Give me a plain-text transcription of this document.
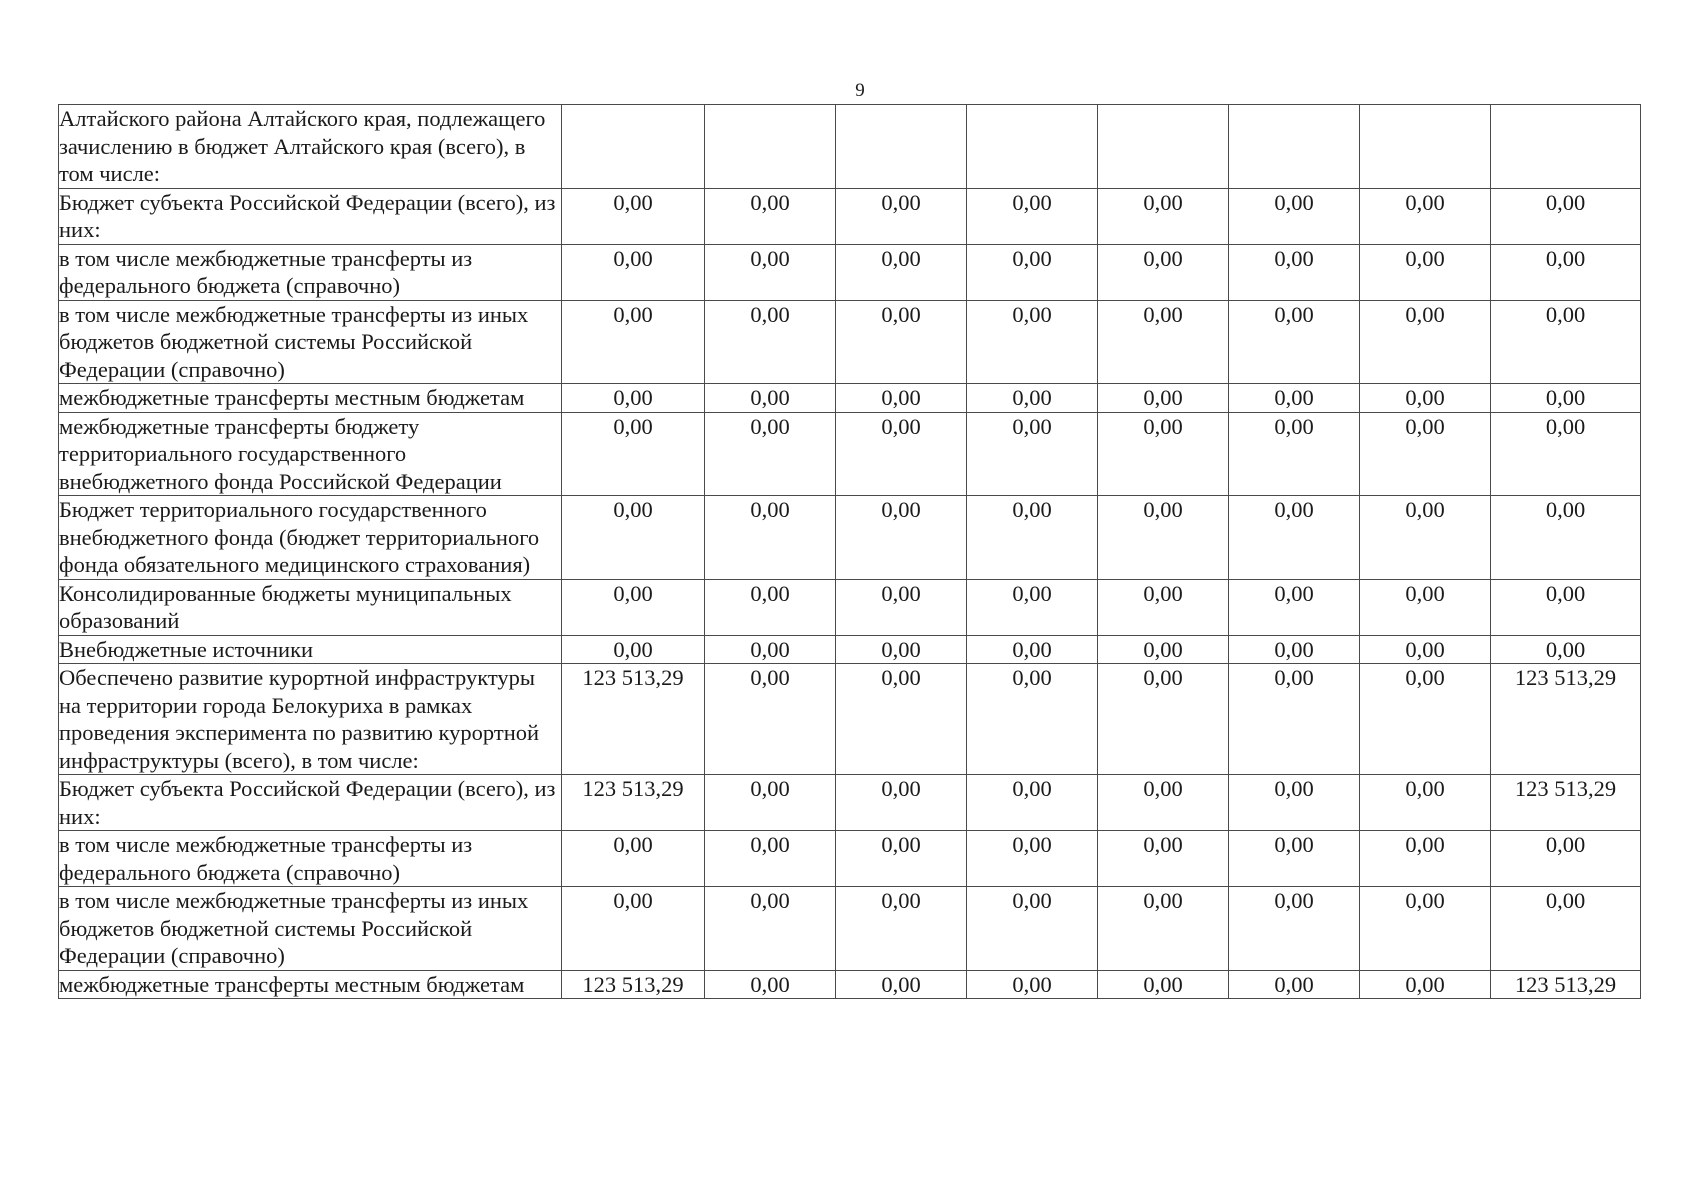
9
Алтайского района Алтайского края, подлежащего зачислению в бюджет Алтайского края (всего), в том числе:								
Бюджет субъекта Российской Федерации (всего), из них:	0,00	0,00	0,00	0,00	0,00	0,00	0,00	0,00
в том числе межбюджетные трансферты из федерального бюджета (справочно)	0,00	0,00	0,00	0,00	0,00	0,00	0,00	0,00
в том числе межбюджетные трансферты из иных бюджетов бюджетной системы Российской Федерации (справочно)	0,00	0,00	0,00	0,00	0,00	0,00	0,00	0,00
межбюджетные трансферты местным бюджетам	0,00	0,00	0,00	0,00	0,00	0,00	0,00	0,00
межбюджетные трансферты бюджету территориального государственного внебюджетного фонда Российской Федерации	0,00	0,00	0,00	0,00	0,00	0,00	0,00	0,00
Бюджет территориального государственного внебюджетного фонда (бюджет территориального фонда обязательного медицинского страхования)	0,00	0,00	0,00	0,00	0,00	0,00	0,00	0,00
Консолидированные бюджеты муниципальных образований	0,00	0,00	0,00	0,00	0,00	0,00	0,00	0,00
Внебюджетные источники	0,00	0,00	0,00	0,00	0,00	0,00	0,00	0,00
Обеспечено развитие курортной инфраструктуры на территории города Белокуриха в рамках проведения эксперимента по развитию курортной инфраструктуры (всего), в том числе:	123 513,29	0,00	0,00	0,00	0,00	0,00	0,00	123 513,29
Бюджет субъекта Российской Федерации (всего), из них:	123 513,29	0,00	0,00	0,00	0,00	0,00	0,00	123 513,29
в том числе межбюджетные трансферты из федерального бюджета (справочно)	0,00	0,00	0,00	0,00	0,00	0,00	0,00	0,00
в том числе межбюджетные трансферты из иных бюджетов бюджетной системы Российской Федерации (справочно)	0,00	0,00	0,00	0,00	0,00	0,00	0,00	0,00
межбюджетные трансферты местным бюджетам	123 513,29	0,00	0,00	0,00	0,00	0,00	0,00	123 513,29
